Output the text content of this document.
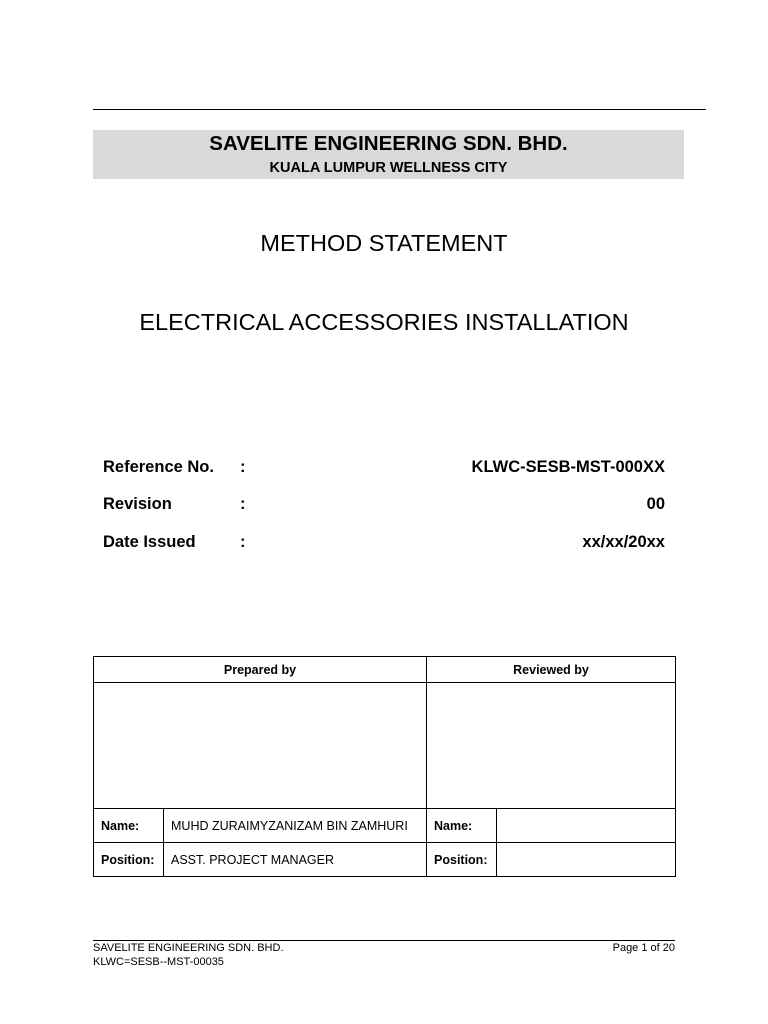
SAVELITE ENGINEERING SDN. BHD.
KUALA LUMPUR WELLNESS CITY
METHOD STATEMENT
ELECTRICAL ACCESSORIES INSTALLATION
Reference No. :	KLWC-SESB-MST-000XX
Revision	:	00
Date Issued	:	xx/xx/20xx
Prepared by		Reviewed by	

Name:	MUHD ZURAIMYZANIZAM BIN ZAMHURI	Name:	
Position:	ASST. PROJECT MANAGER	Position:	
SAVELITE ENGINEERING SDN. BHD.
KLWC=SESB--MST-00035
Page 1 of 20
